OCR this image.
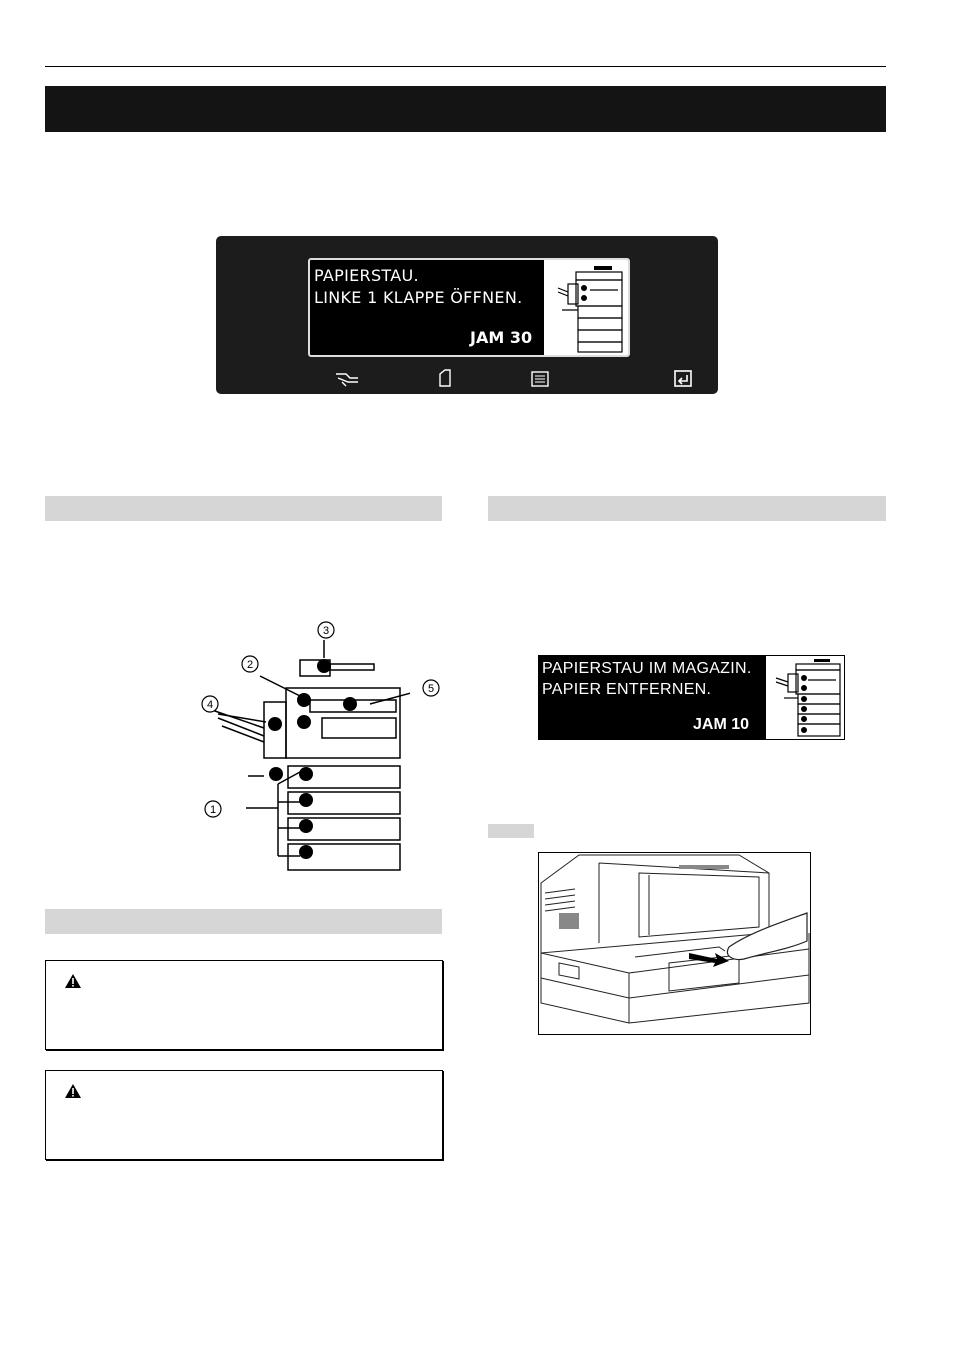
PAPIERSTAU.
LINKE 1 KLAPPE ÖFFNEN.
JAM 30
1
2
3
4
5
PAPIERSTAU IM MAGAZIN.
PAPIER ENTFERNEN.
JAM 10
